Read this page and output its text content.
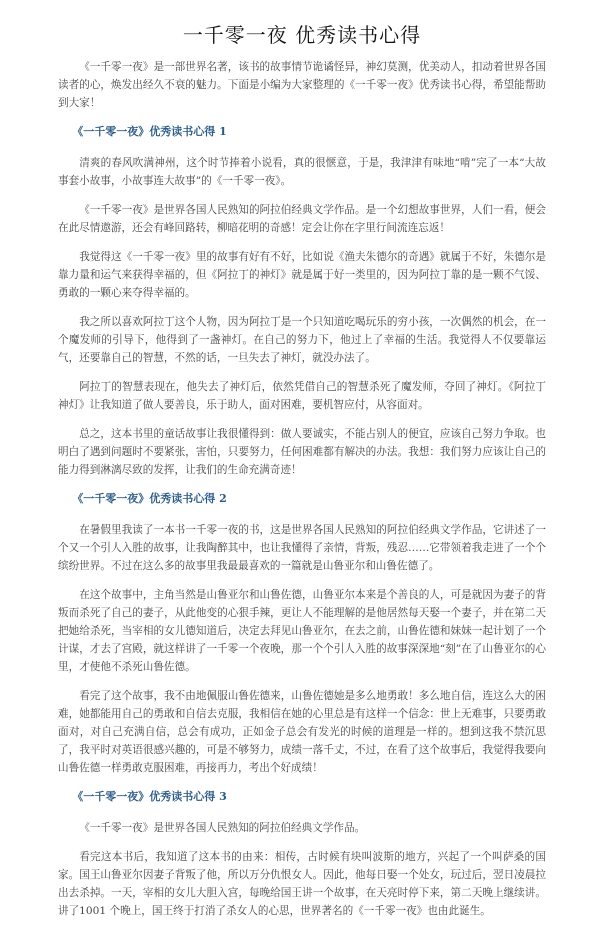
一千零一夜 优秀读书心得

《一千零一夜》是一部世界名著，该书的故事情节诡谲怪异，神幻莫测，优美动人，扣动着世界各国读者的心，焕发出经久不衰的魅力。下面是小编为大家整理的《一千零一夜》优秀读书心得，希望能帮助到大家！

《一千零一夜》优秀读书心得 1

清爽的春风吹满神州，这个时节捧着小说看，真的很惬意，于是，我津津有味地“啃”完了一本“大故事套小故事，小故事连大故事”的《一千零一夜》。

《一千零一夜》是世界各国人民熟知的阿拉伯经典文学作品。是一个幻想故事世界，人们一看，便会在此尽情遨游，还会有峰回路转，柳暗花明的奇感！定会让你在字里行间流连忘返！

我觉得这《一千零一夜》里的故事有好有不好，比如说《渔夫朱德尔的奇遇》就属于不好，朱德尔是靠力量和运气来获得幸福的，但《阿拉丁的神灯》就是属于好一类里的，因为阿拉丁靠的是一颗不气馁、勇敢的一颗心来夺得幸福的。

我之所以喜欢阿拉丁这个人物，因为阿拉丁是一个只知道吃喝玩乐的穷小孩，一次偶然的机会，在一个魔发师的引导下，他得到了一盏神灯。在自己的努力下，他过上了幸福的生活。我觉得人不仅要靠运气，还要靠自己的智慧，不然的话，一旦失去了神灯，就没办法了。

阿拉丁的智慧表现在，他失去了神灯后，依然凭借自己的智慧杀死了魔发师，夺回了神灯。《阿拉丁神灯》让我知道了做人要善良，乐于助人，面对困难，要机智应付，从容面对。

总之，这本书里的童话故事让我很懂得到：做人要诚实，不能占别人的便宜，应该自己努力争取。也明白了遇到问题时不要紧张，害怕，只要努力，任何困难都有解决的办法。我想：我们努力应该让自己的能力得到淋漓尽致的发挥，让我们的生命充满奇迹！

《一千零一夜》优秀读书心得 2

在暑假里我读了一本书一千零一夜的书，这是世界各国人民熟知的阿拉伯经典文学作品，它讲述了一个又一个引人入胜的故事，让我陶醉其中，也让我懂得了亲情，背叛，残忍……它带领着我走进了一个个缤纷世界。不过在这么多的故事里我最最喜欢的一篇就是山鲁亚尔和山鲁佐德了。

在这个故事中，主角当然是山鲁亚尔和山鲁佐德，山鲁亚尔本来是个善良的人，可是就因为妻子的背叛而杀死了自己的妻子，从此他变的心狠手辣，更让人不能理解的是他居然每天娶一个妻子，并在第二天把她给杀死，当宰相的女儿德知道后，决定去拜见山鲁亚尔，在去之前，山鲁佐德和妹妹一起计划了一个计谋，才去了宫殿，就这样讲了一千零一个夜晚，那一个个引人入胜的故事深深地“刻”在了山鲁亚尔的心里，才使他不杀死山鲁佐德。

看完了这个故事，我不由地佩服山鲁佐德来，山鲁佐德她是多么地勇敢！多么地自信，连这么大的困难，她都能用自己的勇敢和自信去克服，我相信在她的心里总是有这样一个信念：世上无难事，只要勇敢面对，对自己充满自信，总会有成功，正如金子总会有发光的时候的道理是一样的。想到这我不禁沉思了，我平时对英语很感兴趣的，可是不够努力，成绩一落千丈，不过，在看了这个故事后，我觉得我要向山鲁佐德一样勇敢克服困难，再接再力，考出个好成绩！

《一千零一夜》优秀读书心得 3

《一千零一夜》是世界各国人民熟知的阿拉伯经典文学作品。

看完这本书后，我知道了这本书的由来：相传，古时候有块叫波斯的地方，兴起了一个叫萨桑的国家。国王山鲁亚尔因妻子背叛了他，所以万分仇恨女人。因此，他每日娶一个处女，玩过后，翌日凌晨拉出去杀掉。一天，宰相的女儿大胆入宫，每晚给国王讲一个故事，在天亮时停下来，第二天晚上继续讲。讲了1001 个晚上，国王终于打消了杀女人的心思，世界著名的《一千零一夜》也由此诞生。
